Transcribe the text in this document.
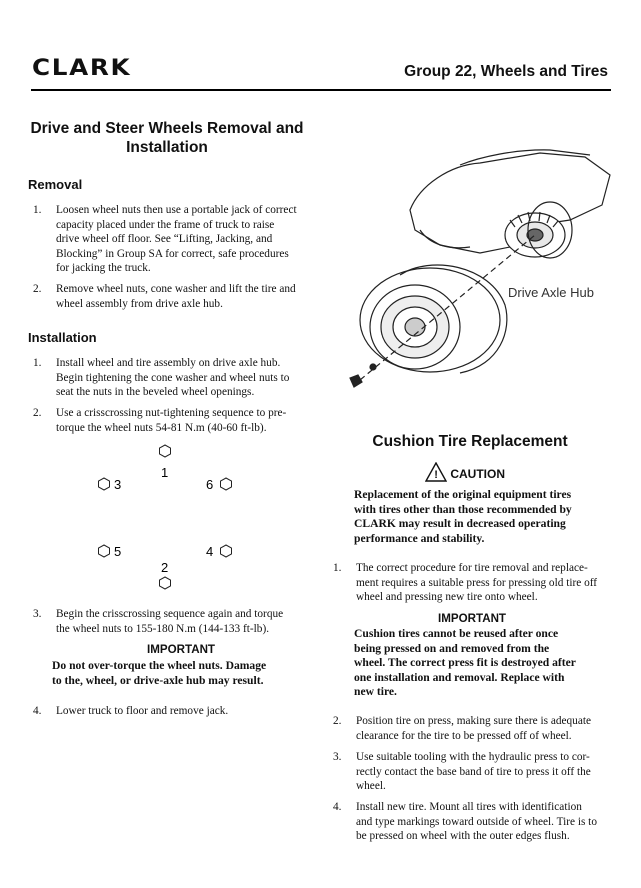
CLARK	Group 22, Wheels and Tires
Drive and Steer Wheels Removal and
Installation
Removal
1. Loosen wheel nuts then use a portable jack of correct
capacity placed under the frame of truck to raise
drive wheel off floor. See “Lifting, Jacking, and
Blocking” in Group SA for correct, safe procedures
for jacking the truck.
2. Remove wheel nuts, cone washer and lift the tire and
wheel assembly from drive axle hub.
Installation
1. Install wheel and tire assembly on drive axle hub.
Begin tightening the cone washer and wheel nuts to
seat the nuts in the beveled wheel openings.
2. Use a crisscrossing nut-tightening sequence to pre-
torque the wheel nuts 54-81 N.m (40-60 ft-lb).
1
3	6
5	4
2
3. Begin the crisscrossing sequence again and torque
the wheel nuts to 155-180 N.m (144-133 ft-lb).
IMPORTANT
Do not over-torque the wheel nuts. Damage
to the, wheel, or drive-axle hub may result.
4. Lower truck to floor and remove jack.
Drive Axle Hub
Cushion Tire Replacement
! CAUTION
Replacement of the original equipment tires
with tires other than those recommended by
CLARK may result in decreased operating
performance and stability.
1. The correct procedure for tire removal and replace-
ment requires a suitable press for pressing old tire off
wheel and pressing new tire onto wheel.
IMPORTANT
Cushion tires cannot be reused after once
being pressed on and removed from the
wheel. The correct press fit is destroyed after
one installation and removal. Replace with
new tire.
2. Position tire on press, making sure there is adequate
clearance for the tire to be pressed off of wheel.
3. Use suitable tooling with the hydraulic press to cor-
rectly contact the base band of tire to press it off the
wheel.
4. Install new tire. Mount all tires with identification
and type markings toward outside of wheel. Tire is to
be pressed on wheel with the outer edges flush.
